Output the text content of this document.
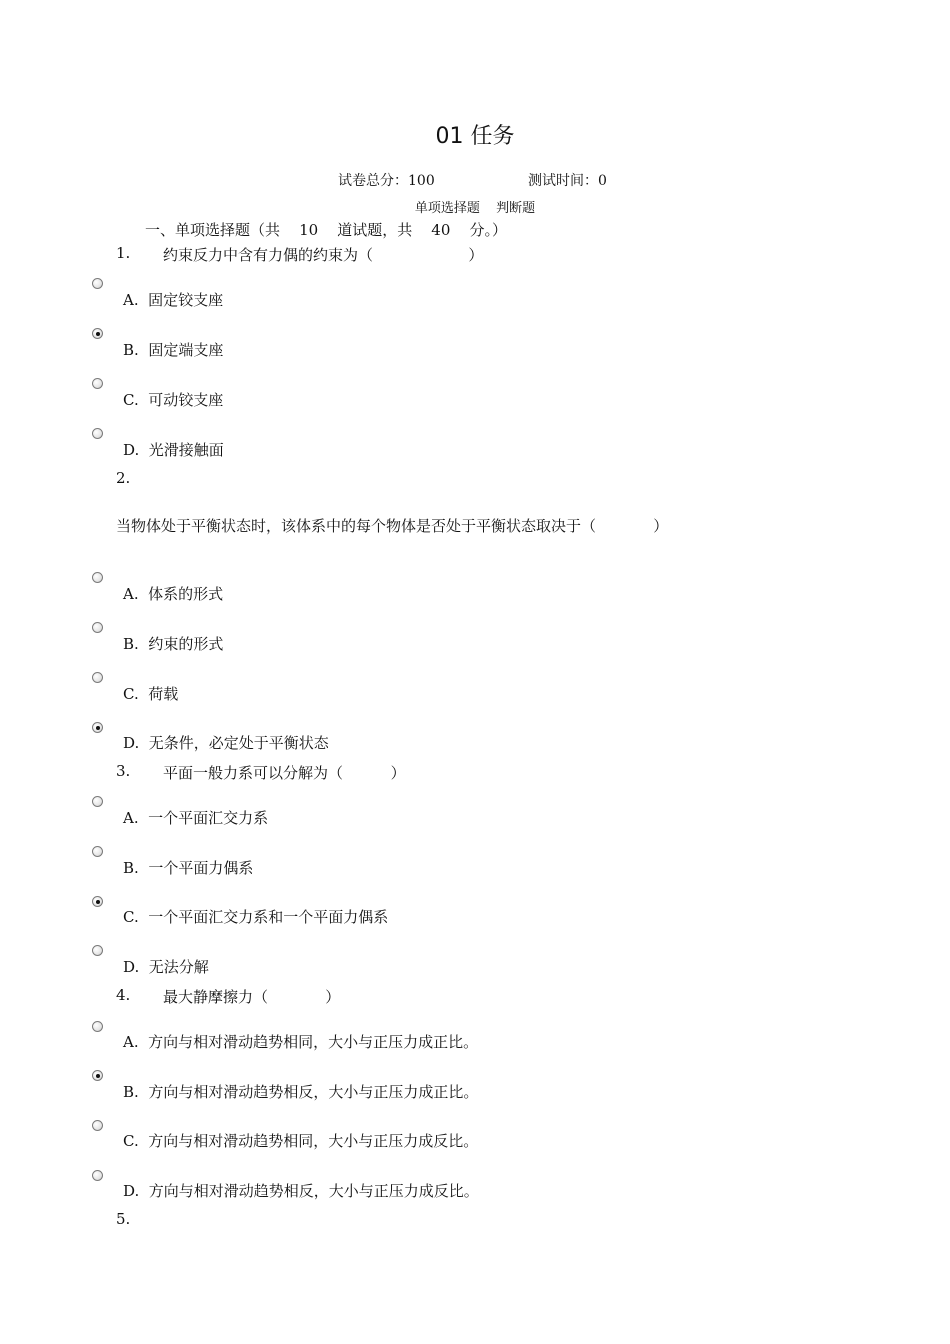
01 任务
试卷总分：100	测试时间：0
单项选择题 判断题
一、单项选择题（共    10    道试题，共    40    分。）
1. 约束反力中含有力偶的约束为（                    ）
A.  固定铰支座
B.  固定端支座
C.  可动铰支座
D.  光滑接触面
2.
当物体处于平衡状态时，该体系中的每个物体是否处于平衡状态取决于（            ）
A.  体系的形式
B.  约束的形式
C.  荷载
D.  无条件，必定处于平衡状态
3. 平面一般力系可以分解为（          ）
A.  一个平面汇交力系
B.  一个平面力偶系
C.  一个平面汇交力系和一个平面力偶系
D.  无法分解
4. 最大静摩擦力（            ）
A.  方向与相对滑动趋势相同，大小与正压力成正比。
B.  方向与相对滑动趋势相反，大小与正压力成正比。
C.  方向与相对滑动趋势相同，大小与正压力成反比。
D.  方向与相对滑动趋势相反，大小与正压力成反比。
5.
